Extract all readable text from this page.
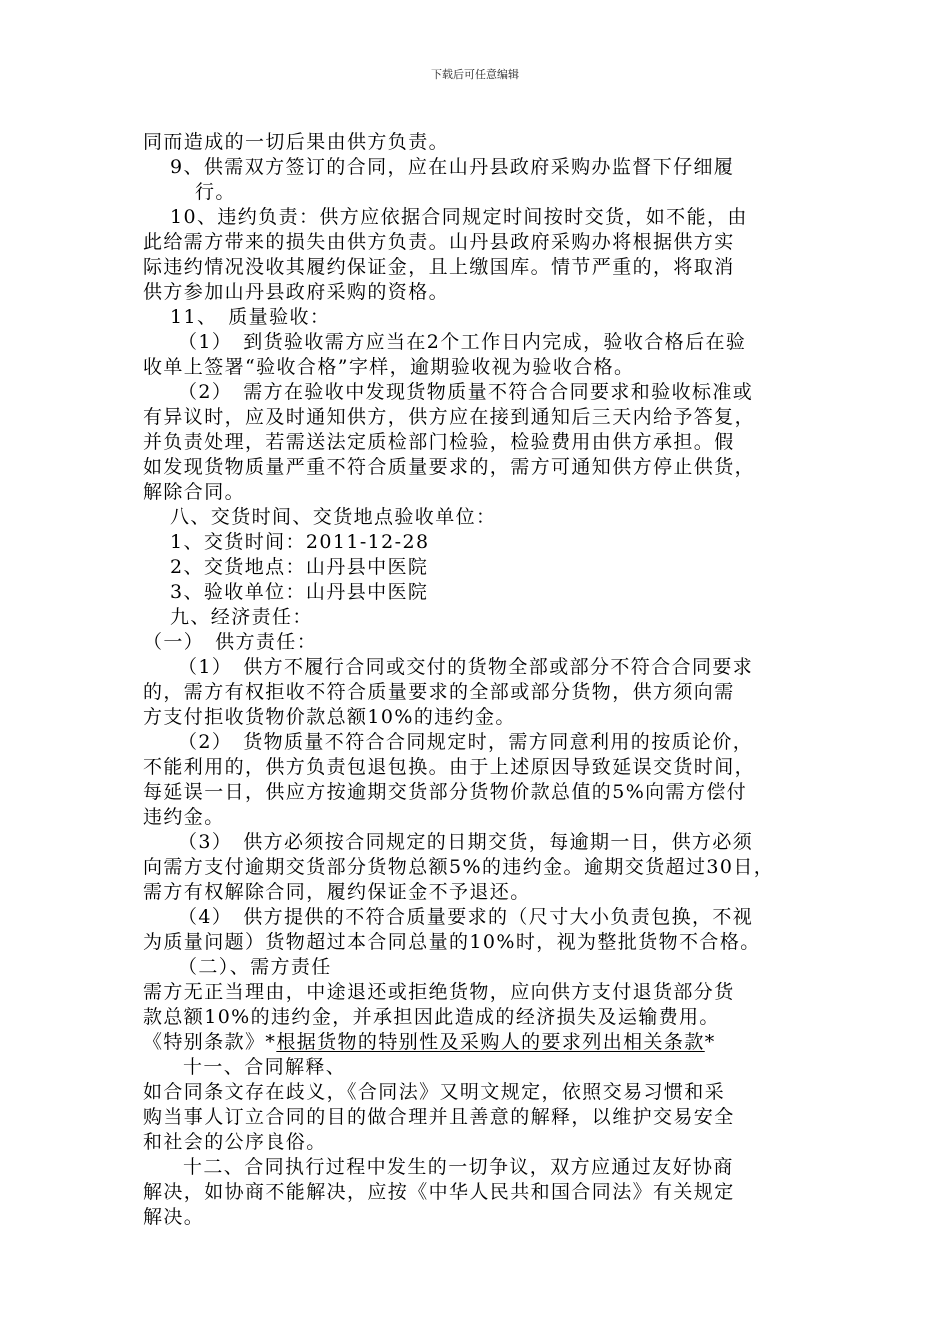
下载后可任意编辑
同而造成的一切后果由供方负责。
9、供需双方签订的合同，应在山丹县政府采购办监督下仔细履
行。
10、违约负责：供方应依据合同规定时间按时交货，如不能，由
此给需方带来的损失由供方负责。山丹县政府采购办将根据供方实
际违约情况没收其履约保证金，且上缴国库。情节严重的，将取消
供方参加山丹县政府采购的资格。
11、　质量验收：
（1）　到货验收需方应当在2个工作日内完成，验收合格后在验
收单上签署“验收合格”字样，逾期验收视为验收合格。
（2）　需方在验收中发现货物质量不符合合同要求和验收标准或
有异议时，应及时通知供方，供方应在接到通知后三天内给予答复，
并负责处理，若需送法定质检部门检验，检验费用由供方承担。假
如发现货物质量严重不符合质量要求的，需方可通知供方停止供货，
解除合同。
八、交货时间、交货地点验收单位：
1、交货时间：2011-12-28
2、交货地点：山丹县中医院
3、验收单位：山丹县中医院
九、经济责任：
（一）　供方责任：
（1）　供方不履行合同或交付的货物全部或部分不符合合同要求
的，需方有权拒收不符合质量要求的全部或部分货物，供方须向需
方支付拒收货物价款总额10%的违约金。
（2）　货物质量不符合合同规定时，需方同意利用的按质论价，
不能利用的，供方负责包退包换。由于上述原因导致延误交货时间，
每延误一日，供应方按逾期交货部分货物价款总值的5%向需方偿付
违约金。
（3）　供方必须按合同规定的日期交货，每逾期一日，供方必须
向需方支付逾期交货部分货物总额5%的违约金。逾期交货超过30日，
需方有权解除合同，履约保证金不予退还。
（4）　供方提供的不符合质量要求的（尺寸大小负责包换，不视
为质量问题）货物超过本合同总量的10%时，视为整批货物不合格。
（二）、需方责任
需方无正当理由，中途退还或拒绝货物，应向供方支付退货部分货
款总额10%的违约金，并承担因此造成的经济损失及运输费用。
《特别条款》*根据货物的特别性及采购人的要求列出相关条款*
十一、合同解释、
如合同条文存在歧义，《合同法》又明文规定，依照交易习惯和采
购当事人订立合同的目的做合理并且善意的解释，以维护交易安全
和社会的公序良俗。
十二、合同执行过程中发生的一切争议，双方应通过友好协商
解决，如协商不能解决，应按《中华人民共和国合同法》有关规定
解决。
